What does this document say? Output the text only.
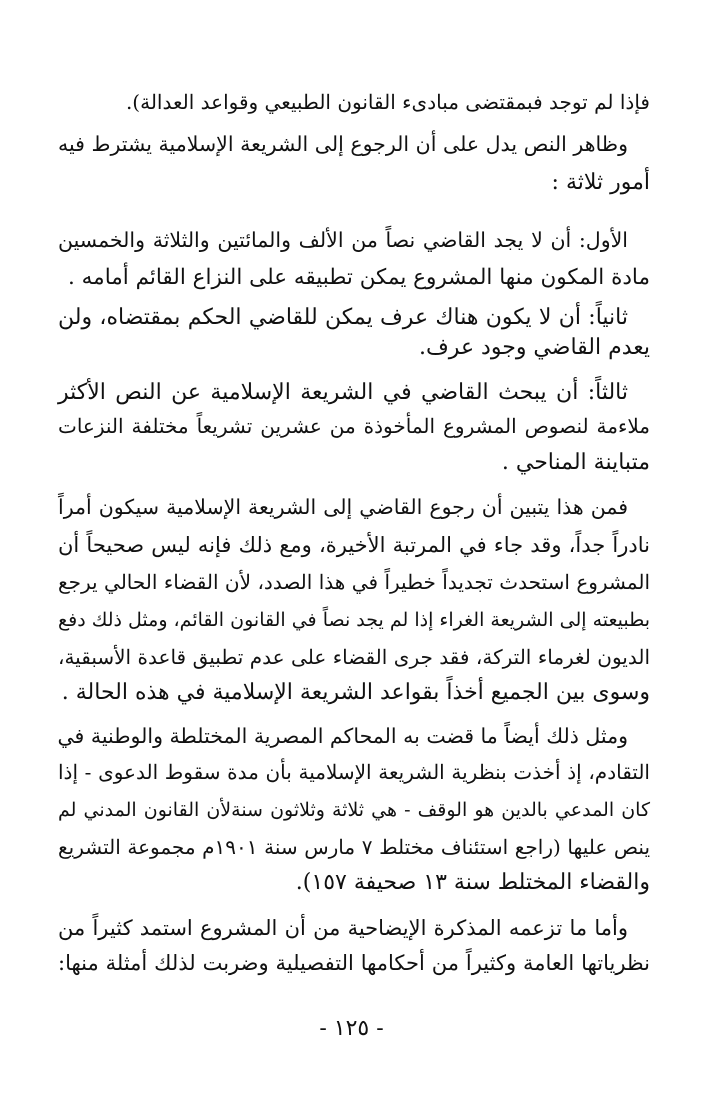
فإذا لم توجد فبمقتضى مبادىء القانون الطبيعي وقواعد العدالة).
وظاهر النص يدل على أن الرجوع إلى الشريعة الإسلامية يشترط فيه
أمور ثلاثة :
الأول: أن لا يجد القاضي نصاً من الألف والمائتين والثلاثة والخمسين
مادة المكون منها المشروع يمكن تطبيقه على النزاع القائم أمامه .
ثانياً: أن لا يكون هناك عرف يمكن للقاضي الحكم بمقتضاه، ولن
يعدم القاضي وجود عرف.
ثالثاً: أن يبحث القاضي في الشريعة الإسلامية عن النص الأكثر
ملاءمة لنصوص المشروع المأخوذة من عشرين تشريعاً مختلفة النزعات
متباينة المناحي .
فمن هذا يتبين أن رجوع القاضي إلى الشريعة الإسلامية سيكون أمراً
نادراً جداً، وقد جاء في المرتبة الأخيرة، ومع ذلك فإنه ليس صحيحاً أن
المشروع استحدث تجديداً خطيراً في هذا الصدد، لأن القضاء الحالي يرجع
بطبيعته إلى الشريعة الغراء إذا لم يجد نصاً في القانون القائم، ومثل ذلك دفع
الديون لغرماء التركة، فقد جرى القضاء على عدم تطبيق قاعدة الأسبقية،
وسوى بين الجميع أخذاً بقواعد الشريعة الإسلامية في هذه الحالة .
ومثل ذلك أيضاً ما قضت به المحاكم المصرية المختلطة والوطنية في
التقادم، إذ أخذت بنظرية الشريعة الإسلامية بأن مدة سقوط الدعوى - إذا
كان المدعي بالدين هو الوقف - هي ثلاثة وثلاثون سنةلأن القانون المدني لم
ينص عليها (راجع استئناف مختلط ٧ مارس سنة ١٩٠١م مجموعة التشريع
والقضاء المختلط سنة ١٣ صحيفة ١٥٧).
وأما ما تزعمه المذكرة الإيضاحية من أن المشروع استمد كثيراً من
نظرياتها العامة وكثيراً من أحكامها التفصيلية وضربت لذلك أمثلة منها:
- ١٢٥ -
